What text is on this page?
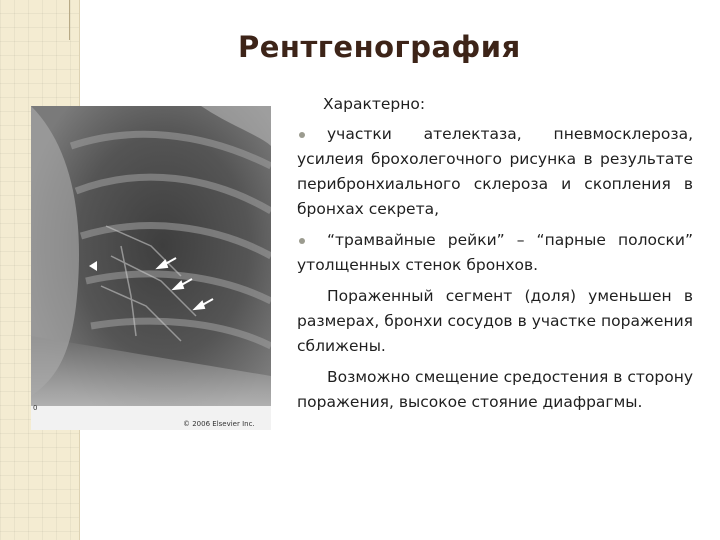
Рентгенография
0
© 2006 Elsevier Inc.

Характерно:

участки ателектаза, пневмосклероза, усилеия брохолегочного рисунка в результате перибронхиального склероза и скопления в бронхах секрета,

“трамвайные рейки” – “парные полоски” утолщенных стенок бронхов.

Пораженный сегмент (доля) уменьшен в размерах, бронхи сосудов в участке поражения сближены.

Возможно смещение средостения в сторону поражения, высокое стояние диафрагмы.
